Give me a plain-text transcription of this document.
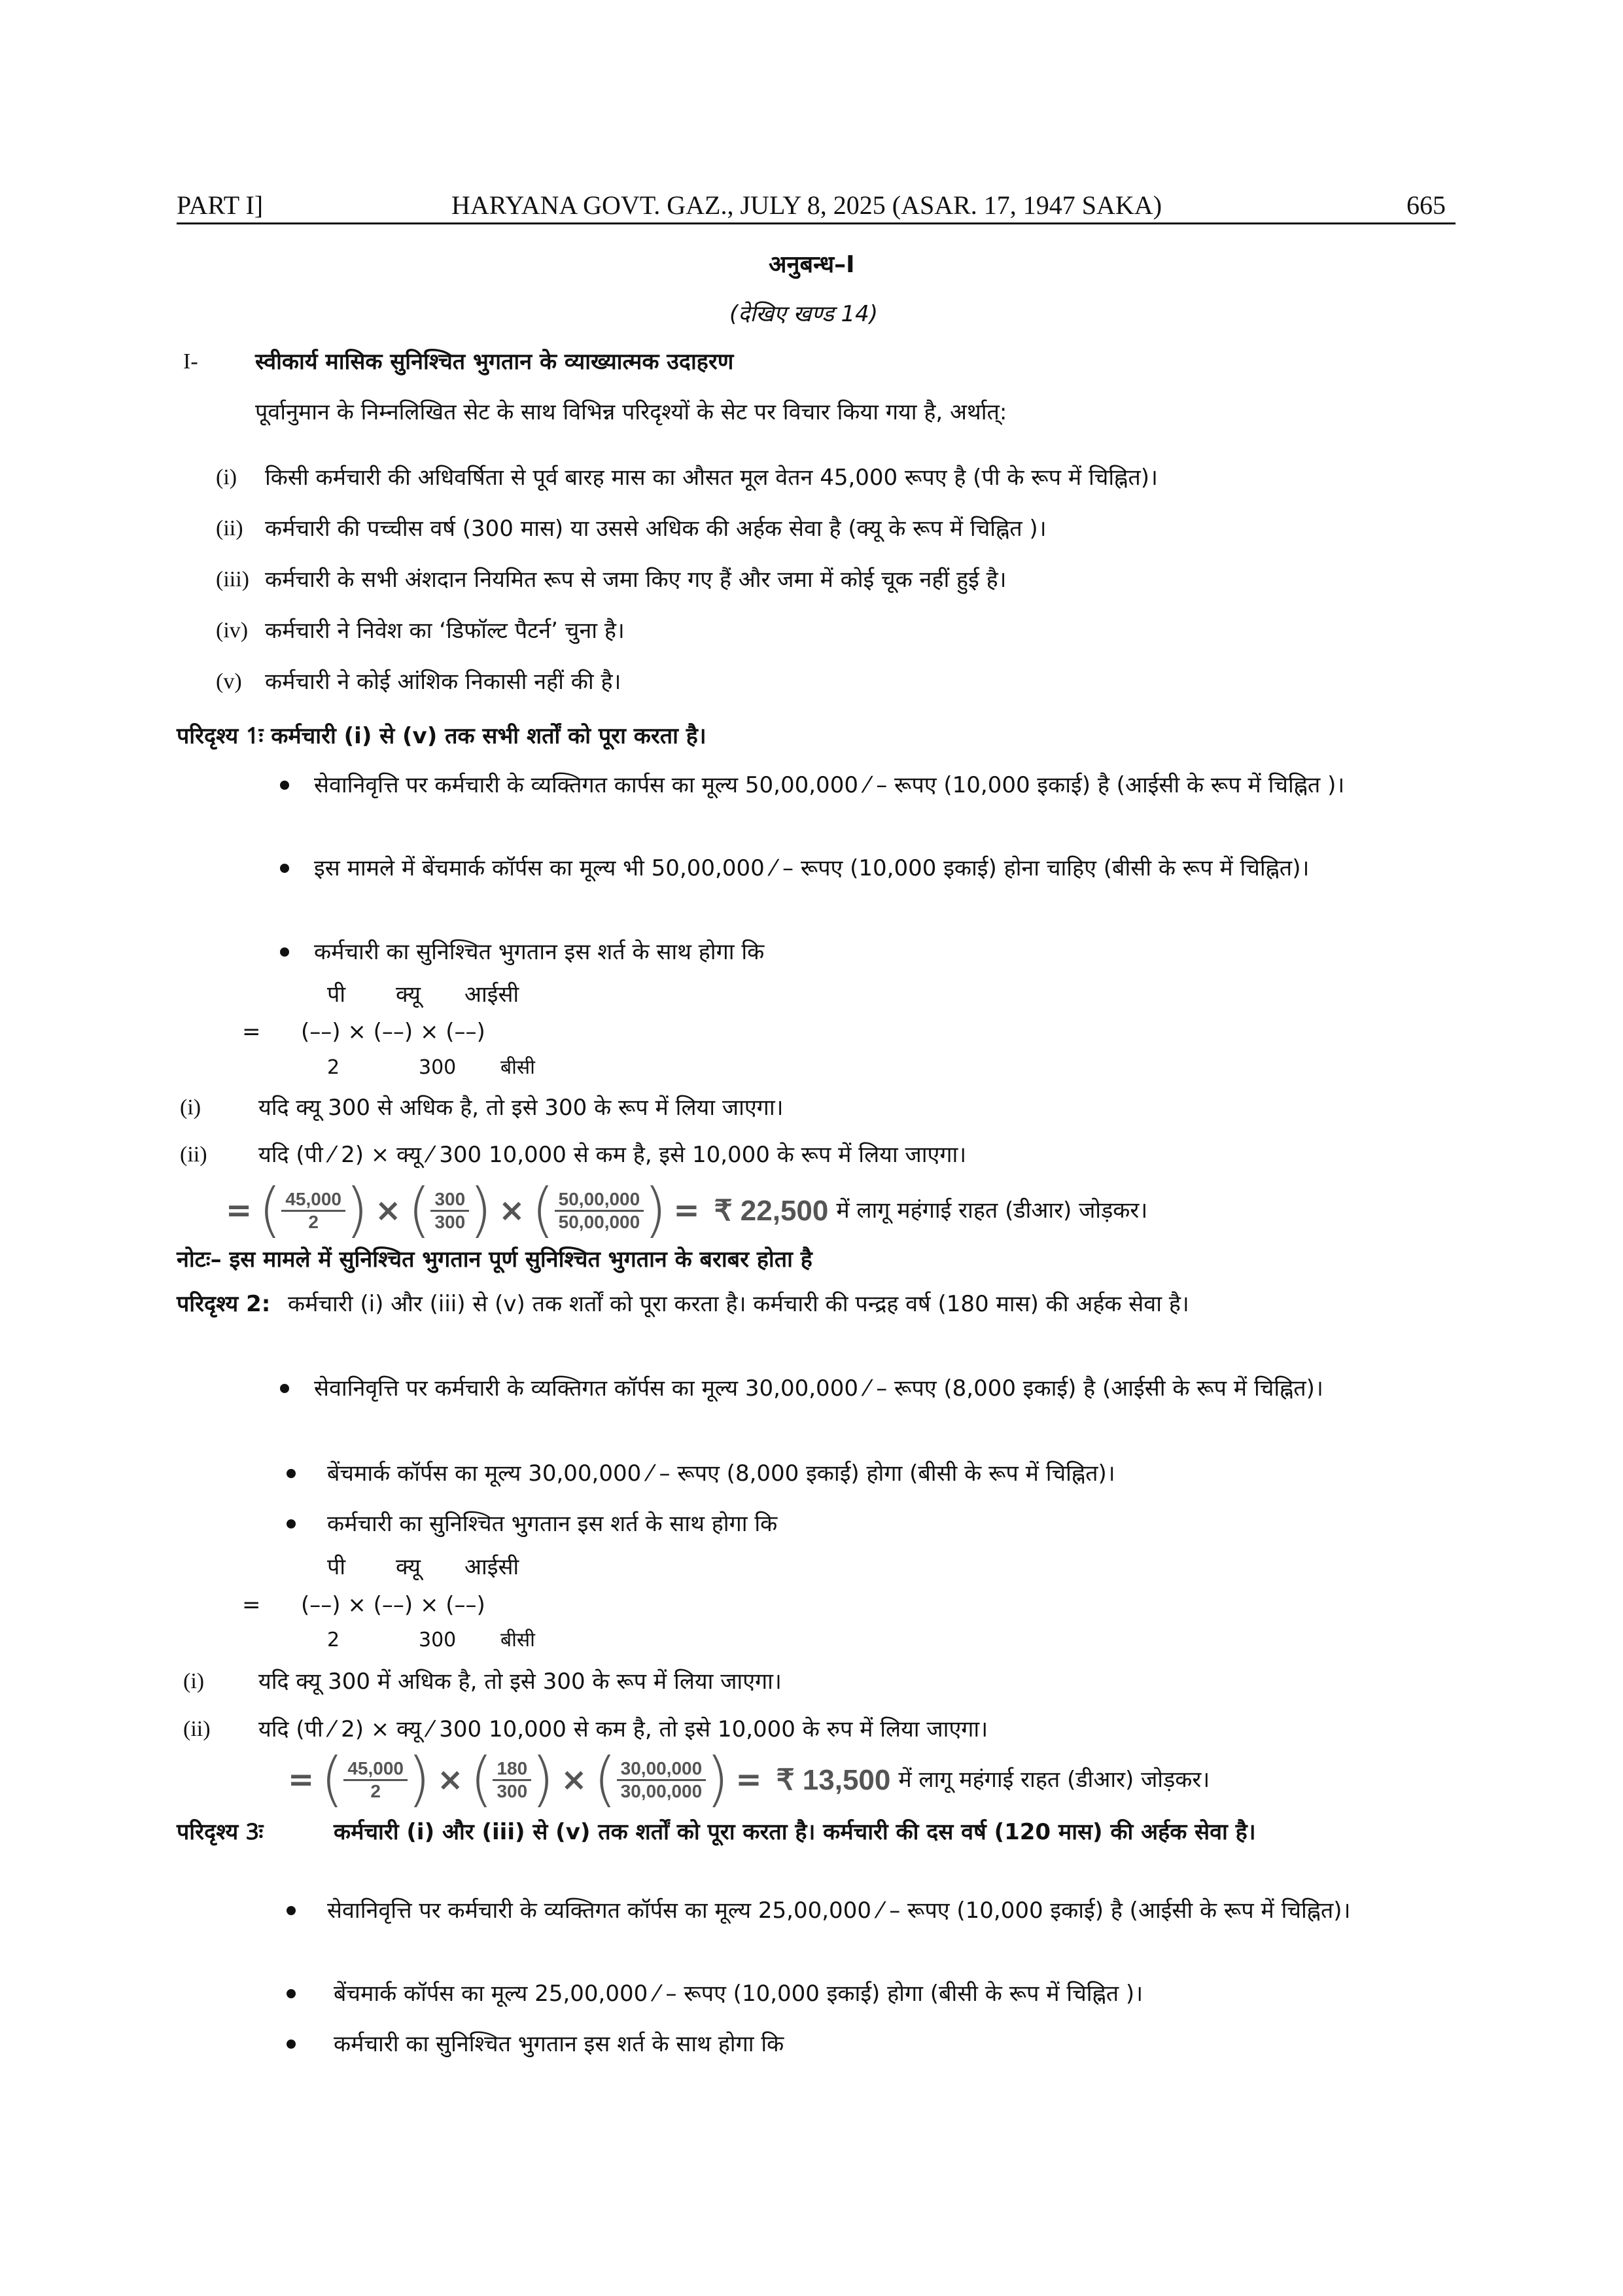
PART I]	HARYANA GOVT. GAZ., JULY 8, 2025 (ASAR. 17, 1947 SAKA)	665
अनुबन्ध–I
(देखिए खण्ड 14)
I-	स्वीकार्य मासिक सुनिश्चित भुगतान के व्याख्यात्मक उदाहरण
पूर्वानुमान के निम्नलिखित सेट के साथ विभिन्न परिदृश्यों के सेट पर विचार किया गया है, अर्थात्:
(i) किसी कर्मचारी की अधिवर्षिता से पूर्व बारह मास का औसत मूल वेतन 45,000 रूपए है (पी के रूप में चिह्नित)।
(ii) कर्मचारी की पच्चीस वर्ष (300 मास) या उससे अधिक की अर्हक सेवा है (क्यू के रूप में चिह्नित )।
(iii) कर्मचारी के सभी अंशदान नियमित रूप से जमा किए गए हैं और जमा में कोई चूक नहीं हुई है।
(iv) कर्मचारी ने निवेश का ‘डिफॉल्ट पैटर्न’ चुना है।
(v) कर्मचारी ने कोई आंशिक निकासी नहीं की है।
परिदृश्य 1ः कर्मचारी (i) से (v) तक सभी शर्तों को पूरा करता है।
सेवानिवृत्ति पर कर्मचारी के व्यक्तिगत कार्पस का मूल्य 50,00,000 ⁄ – रूपए (10,000 इकाई) है (आईसी के रूप में चिह्नित )।
इस मामले में बेंचमार्क कॉर्पस का मूल्य भी 50,00,000 ⁄ – रूपए (10,000 इकाई) होना चाहिए (बीसी के रूप में चिह्नित)।
कर्मचारी का सुनिश्चित भुगतान इस शर्त के साथ होगा कि
पी क्यू आईसी
= (––) × (––) × (––)
2	300 बीसी
(i)	यदि क्यू 300 से अधिक है, तो इसे 300 के रूप में लिया जाएगा।
(ii) यदि (पी ⁄ 2) × क्यू ⁄ 300 10,000 से कम है, इसे 10,000 के रूप में लिया जाएगा।
= ( $\frac{45,000}{2}$ ) × ( $\frac{300}{300}$ ) × ( $\frac{50,00,000}{50,00,000}$ ) = ₹ 22,500 में लागू महंगाई राहत (डीआर) जोड़कर।
नोटः– इस मामले में सुनिश्चित भुगतान पूर्ण सुनिश्चित भुगतान के बराबर होता है
परिदृश्य 2: कर्मचारी (i) और (iii) से (v) तक शर्तों को पूरा करता है। कर्मचारी की पन्द्रह वर्ष (180 मास) की अर्हक सेवा है।
सेवानिवृत्ति पर कर्मचारी के व्यक्तिगत कॉर्पस का मूल्य 30,00,000 ⁄ – रूपए (8,000 इकाई) है (आईसी के रूप में चिह्नित)।
बेंचमार्क कॉर्पस का मूल्य 30,00,000 ⁄ – रूपए (8,000 इकाई) होगा (बीसी के रूप में चिह्नित)।
कर्मचारी का सुनिश्चित भुगतान इस शर्त के साथ होगा कि
पी क्यू आईसी
= (––) × (––) × (––)
2	300 बीसी
(i) यदि क्यू 300 में अधिक है, तो इसे 300 के रूप में लिया जाएगा।
(ii) यदि (पी ⁄ 2) × क्यू ⁄ 300 10,000 से कम है, तो इसे 10,000 के रुप में लिया जाएगा।
= ( $\frac{45,000}{2}$ ) × ( $\frac{180}{300}$ ) × ( $\frac{30,00,000}{30,00,000}$ ) = ₹ 13,500 में लागू महंगाई राहत (डीआर) जोड़कर।
परिदृश्य 3ः	कर्मचारी (i) और (iii) से (v) तक शर्तों को पूरा करता है। कर्मचारी की दस वर्ष (120 मास) की अर्हक सेवा है।
सेवानिवृत्ति पर कर्मचारी के व्यक्तिगत कॉर्पस का मूल्य 25,00,000 ⁄ – रूपए (10,000 इकाई) है (आईसी के रूप में चिह्नित)।
बेंचमार्क कॉर्पस का मूल्य 25,00,000 ⁄ – रूपए (10,000 इकाई) होगा (बीसी के रूप में चिह्नित )।
कर्मचारी का सुनिश्चित भुगतान इस शर्त के साथ होगा कि
